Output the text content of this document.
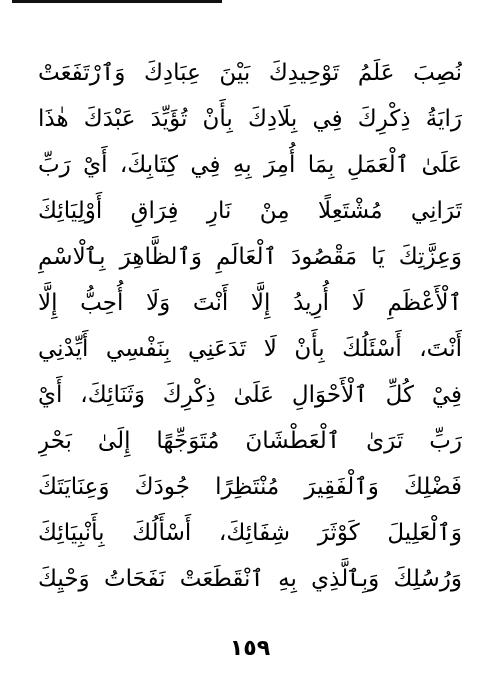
نُصِبَ عَلَمُ تَوْحِيدِكَ بَيْنَ عِبَادِكَ وَٱرْتَفَعَتْ
رَايَةُ ذِكْرِكَ فِي بِلَادِكَ بِأَنْ تُؤَيِّدَ عَبْدَكَ هٰذَا
عَلَىٰ ٱلْعَمَلِ بِمَا أُمِرَ بِهِ فِي كِتَابِكَ، أَيْ رَبِّ
تَرَانِي مُشْتَعِلًا مِنْ نَارِ فِرَاقِ أَوْلِيَائِكَ
وَعِزَّتِكَ يَا مَقْصُودَ ٱلْعَالَمِ وَٱلظَّاهِرَ بِٱلْاسْمِ
ٱلْأَعْظَمِ لَا أُرِيدُ إِلَّا أَنْتَ وَلَا أُحِبُّ إِلَّا
أَنْتَ، أَسْئَلُكَ بِأَنْ لَا تَدَعَنِي بِنَفْسِي أَيِّدْنِي
فِيْ كُلِّ ٱلْأَحْوَالِ عَلَىٰ ذِكْرِكَ وَثَنَائِكَ، أَيْ
رَبِّ تَرَىٰ ٱلْعَطْشَانَ مُتَوَجِّهًا إِلَىٰ بَحْرِ
فَضْلِكَ وَٱلْفَقِيرَ مُنْتَظِرًا جُودَكَ وَعِنَايَتَكَ
وَٱلْعَلِيلَ كَوْثَرَ شِفَائِكَ، أَسْأَلُكَ بِأَنْبِيَائِكَ
وَرُسُلِكَ وَبِٱلَّذِي بِهِ ٱنْقَطَعَتْ نَفَحَاتُ وَحْيِكَ
١٥٩
